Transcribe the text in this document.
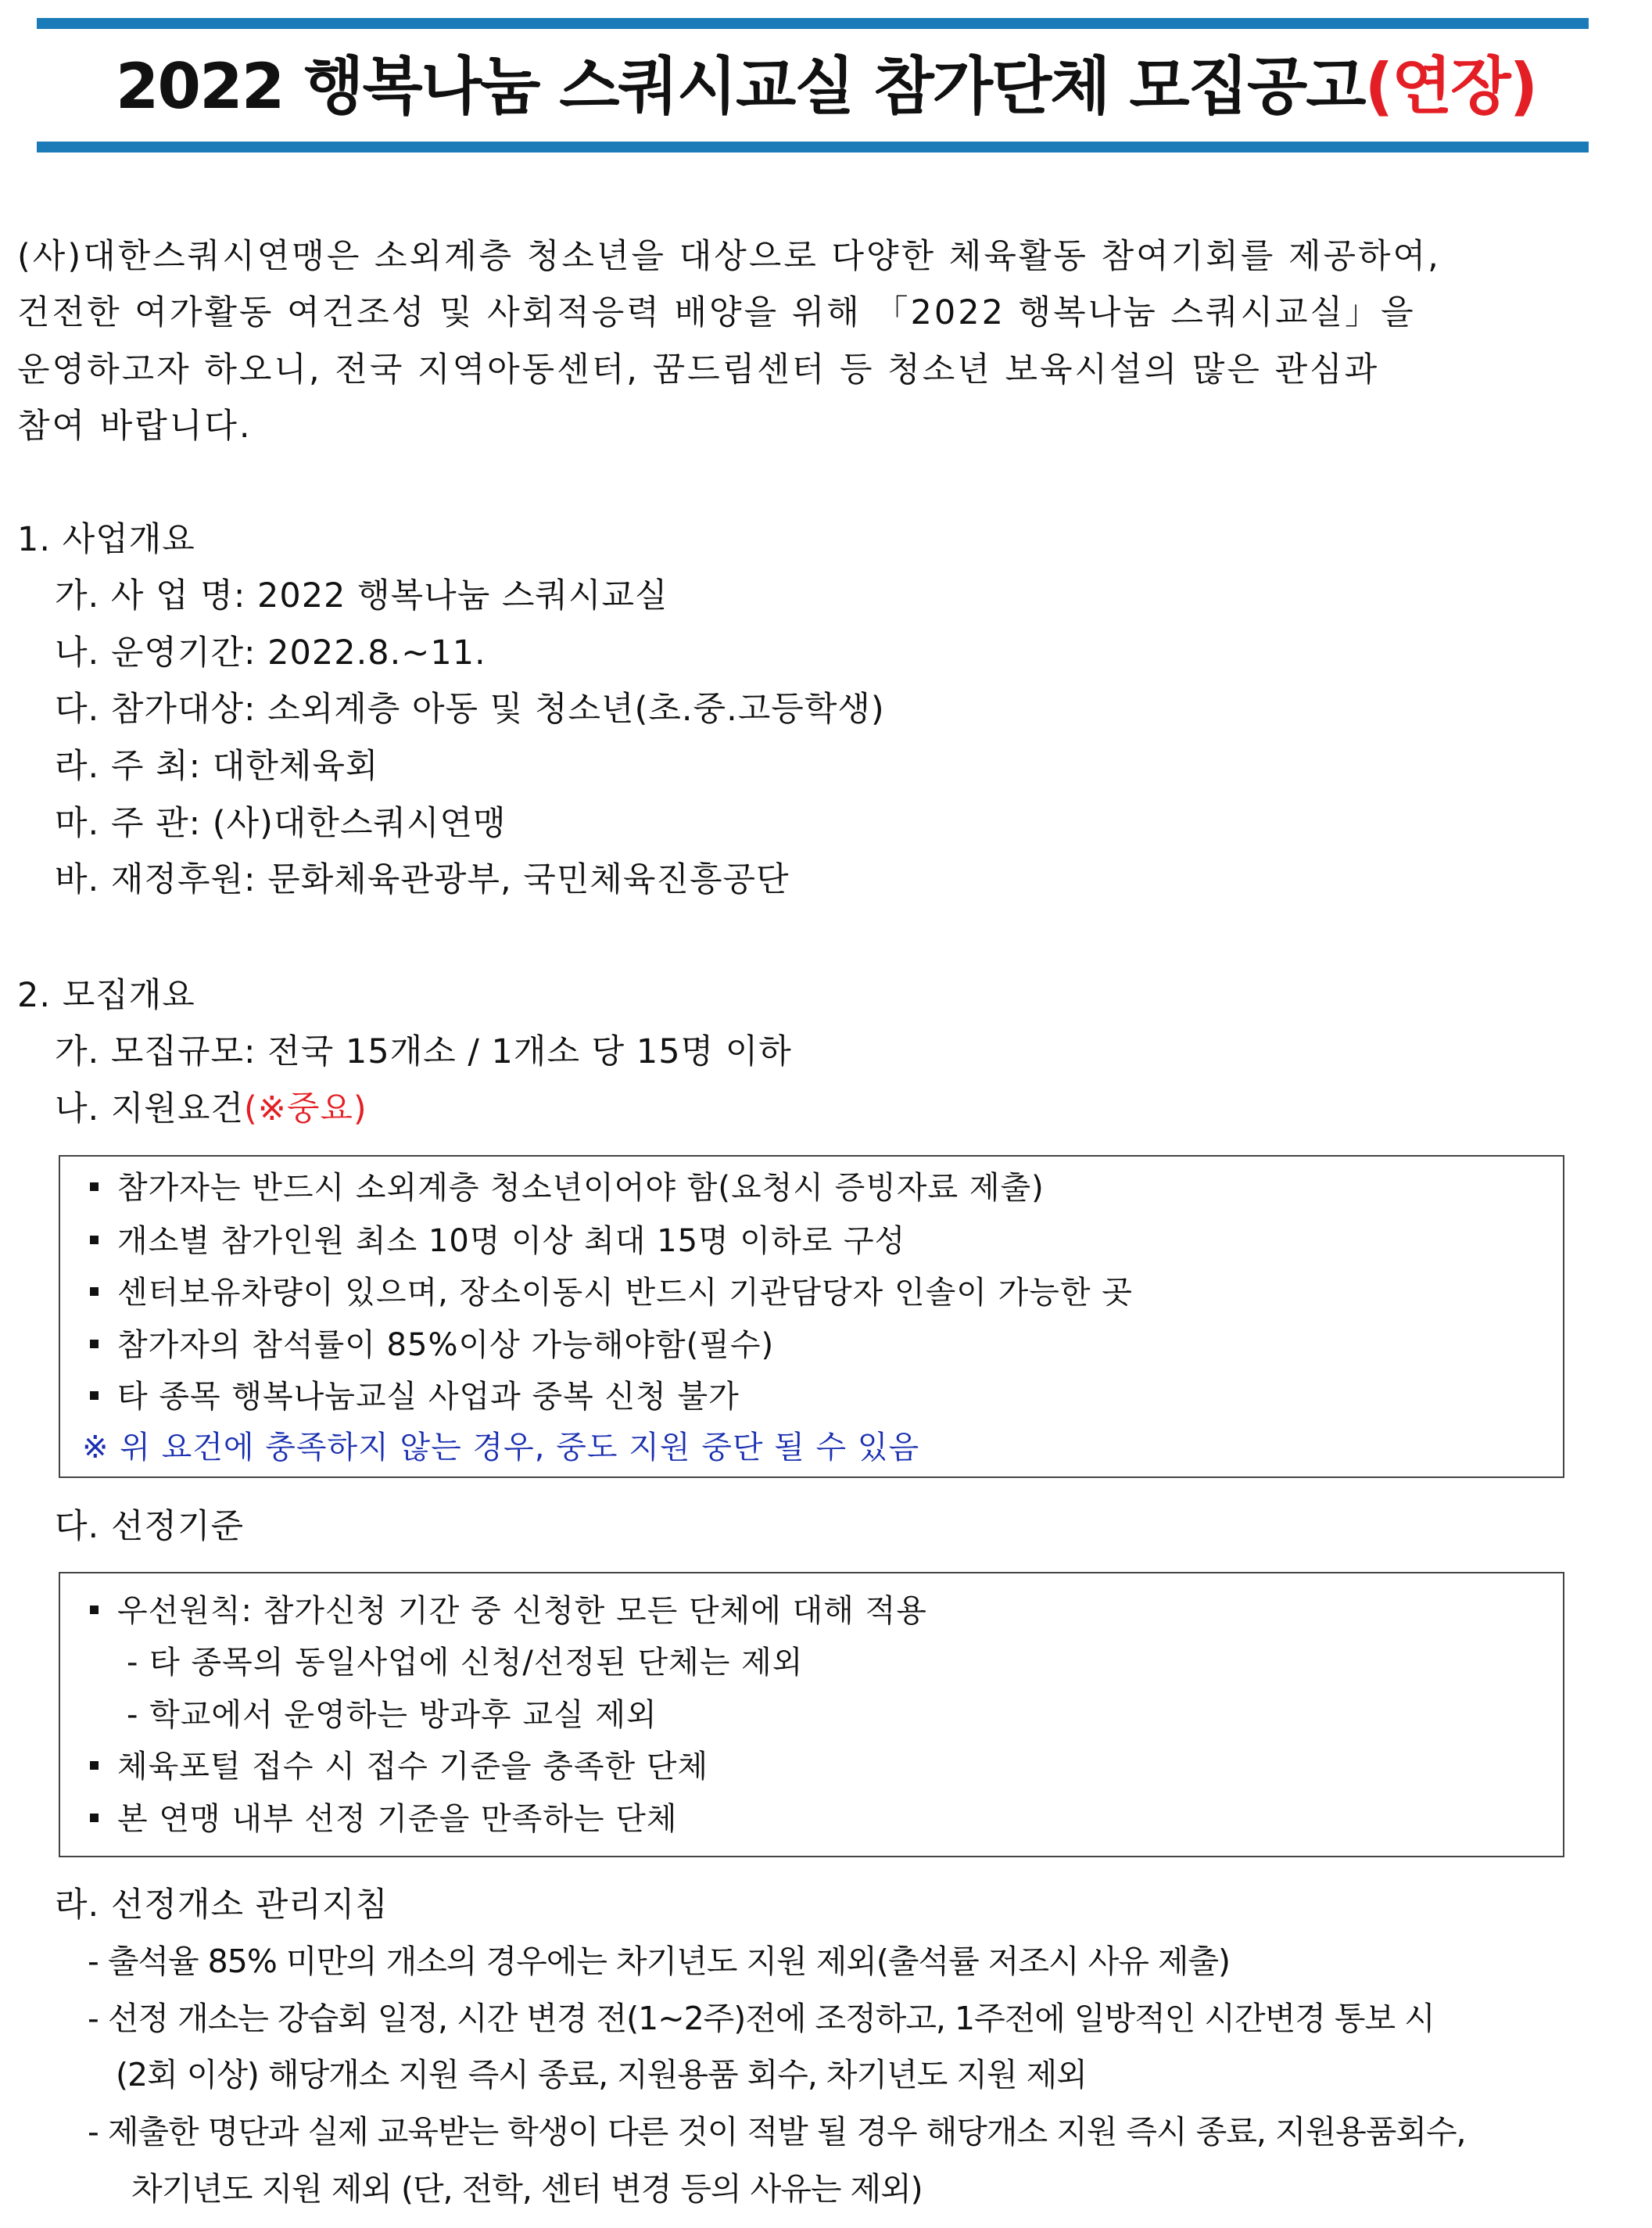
2022 행복나눔 스쿼시교실 참가단체 모집공고(연장)
(사)대한스쿼시연맹은 소외계층 청소년을 대상으로 다양한 체육활동 참여기회를 제공하여,
건전한 여가활동 여건조성 및 사회적응력 배양을 위해 「2022 행복나눔 스쿼시교실」을
운영하고자 하오니, 전국 지역아동센터, 꿈드림센터 등 청소년 보육시설의 많은 관심과
참여 바랍니다.
1. 사업개요
가. 사 업 명: 2022 행복나눔 스쿼시교실
나. 운영기간: 2022.8.~11.
다. 참가대상: 소외계층 아동 및 청소년(초.중.고등학생)
라. 주 최: 대한체육회
마. 주 관: (사)대한스쿼시연맹
바. 재정후원: 문화체육관광부, 국민체육진흥공단
2. 모집개요
가. 모집규모: 전국 15개소 / 1개소 당 15명 이하
나. 지원요건(※중요)
참가자는 반드시 소외계층 청소년이어야 함(요청시 증빙자료 제출)
개소별 참가인원 최소 10명 이상 최대 15명 이하로 구성
센터보유차량이 있으며, 장소이동시 반드시 기관담당자 인솔이 가능한 곳
참가자의 참석률이 85%이상 가능해야함(필수)
타 종목 행복나눔교실 사업과 중복 신청 불가
※ 위 요건에 충족하지 않는 경우, 중도 지원 중단 될 수 있음
다. 선정기준
우선원칙: 참가신청 기간 중 신청한 모든 단체에 대해 적용
- 타 종목의 동일사업에 신청/선정된 단체는 제외
- 학교에서 운영하는 방과후 교실 제외
체육포털 접수 시 접수 기준을 충족한 단체
본 연맹 내부 선정 기준을 만족하는 단체
라. 선정개소 관리지침
- 출석율 85% 미만의 개소의 경우에는 차기년도 지원 제외(출석률 저조시 사유 제출)
- 선정 개소는 강습회 일정, 시간 변경 전(1~2주)전에 조정하고, 1주전에 일방적인 시간변경 통보 시
(2회 이상) 해당개소 지원 즉시 종료, 지원용품 회수, 차기년도 지원 제외
- 제출한 명단과 실제 교육받는 학생이 다른 것이 적발 될 경우 해당개소 지원 즉시 종료, 지원용품회수,
차기년도 지원 제외 (단, 전학, 센터 변경 등의 사유는 제외)
